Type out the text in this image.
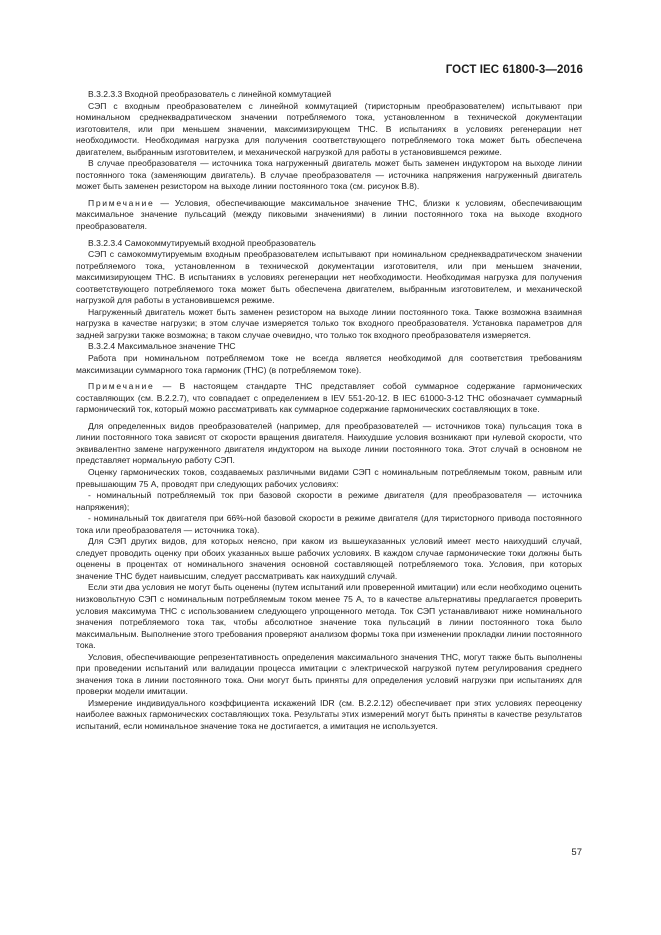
ГОСТ IEC 61800-3—2016

В.3.2.3.3 Входной преобразователь с линейной коммутацией

СЭП с входным преобразователем с линейной коммутацией (тиристорным преобразователем) испытывают при номинальном среднеквадратическом значении потребляемого тока, установленном в технической документации изготовителя, или при меньшем значении, максимизирующем THC. В испытаниях в условиях регенерации нет необходимости. Необходимая нагрузка для получения соответствующего потребляемого тока может быть обеспечена двигателем, выбранным изготовителем, и механической нагрузкой для работы в установившемся режиме.

В случае преобразователя — источника тока нагруженный двигатель может быть заменен индуктором на выходе линии постоянного тока (заменяющим двигатель). В случае преобразователя — источника напряжения нагруженный двигатель может быть заменен резистором на выходе линии постоянного тока (см. рисунок В.8).

Примечание — Условия, обеспечивающие максимальное значение THC, близки к условиям, обеспечивающим максимальное значение пульсаций (между пиковыми значениями) в линии постоянного тока на выходе входного преобразователя.

В.3.2.3.4 Самокоммутируемый входной преобразователь

СЭП с самокоммутируемым входным преобразователем испытывают при номинальном среднеквадратическом значении потребляемого тока, установленном в технической документации изготовителя, или при меньшем значении, максимизирующем THC. В испытаниях в условиях регенерации нет необходимости. Необходимая нагрузка для получения соответствующего потребляемого тока может быть обеспечена двигателем, выбранным изготовителем, и механической нагрузкой для работы в установившемся режиме.

Нагруженный двигатель может быть заменен резистором на выходе линии постоянного тока. Также возможна взаимная нагрузка в качестве нагрузки; в этом случае измеряется только ток входного преобразователя. Установка параметров для задней загрузки также возможна; в таком случае очевидно, что только ток входного преобразователя измеряется.

В.3.2.4 Максимальное значение THC

Работа при номинальном потребляемом токе не всегда является необходимой для соответствия требованиям максимизации суммарного тока гармоник (THC) (в потребляемом токе).

Примечание — В настоящем стандарте THC представляет собой суммарное содержание гармонических составляющих (см. В.2.2.7), что совпадает с определением в IEV 551-20-12. В IEC 61000-3-12 THC обозначает суммарный гармонический ток, который можно рассматривать как суммарное содержание гармонических составляющих в токе.

Для определенных видов преобразователей (например, для преобразователей — источников тока) пульсация тока в линии постоянного тока зависят от скорости вращения двигателя. Наихудшие условия возникают при нулевой скорости, что эквивалентно замене нагруженного двигателя индуктором на выходе линии постоянного тока. Этот случай в основном не представляет нормальную работу СЭП.

Оценку гармонических токов, создаваемых различными видами СЭП с номинальным потребляемым током, равным или превышающим 75 А, проводят при следующих рабочих условиях:

- номинальный потребляемый ток при базовой скорости в режиме двигателя (для преобразователя — источника напряжения);

- номинальный ток двигателя при 66%-ной базовой скорости в режиме двигателя (для тиристорного привода постоянного тока или преобразователя — источника тока).

Для СЭП других видов, для которых неясно, при каком из вышеуказанных условий имеет место наихудший случай, следует проводить оценку при обоих указанных выше рабочих условиях. В каждом случае гармонические токи должны быть оценены в процентах от номинального значения основной составляющей потребляемого тока. Условия, при которых значение THC будет наивысшим, следует рассматривать как наихудший случай.

Если эти два условия не могут быть оценены (путем испытаний или проверенной имитации) или если необходимо оценить низковольтную СЭП с номинальным потребляемым током менее 75 А, то в качестве альтернативы предлагается проверить условия максимума THC с использованием следующего упрощенного метода. Ток СЭП устанавливают ниже номинального значения потребляемого тока так, чтобы абсолютное значение тока пульсаций в линии постоянного тока было максимальным. Выполнение этого требования проверяют анализом формы тока при изменении прокладки линии постоянного тока.

Условия, обеспечивающие репрезентативность определения максимального значения THC, могут также быть выполнены при проведении испытаний или валидации процесса имитации с электрической нагрузкой путем регулирования среднего значения тока в линии постоянного тока. Они могут быть приняты для определения условий нагрузки при испытаниях для проверки модели имитации.

Измерение индивидуального коэффициента искажений IDR (см. В.2.2.12) обеспечивает при этих условиях переоценку наиболее важных гармонических составляющих тока. Результаты этих измерений могут быть приняты в качестве результатов испытаний, если номинальное значение тока не достигается, а имитация не используется.

57
